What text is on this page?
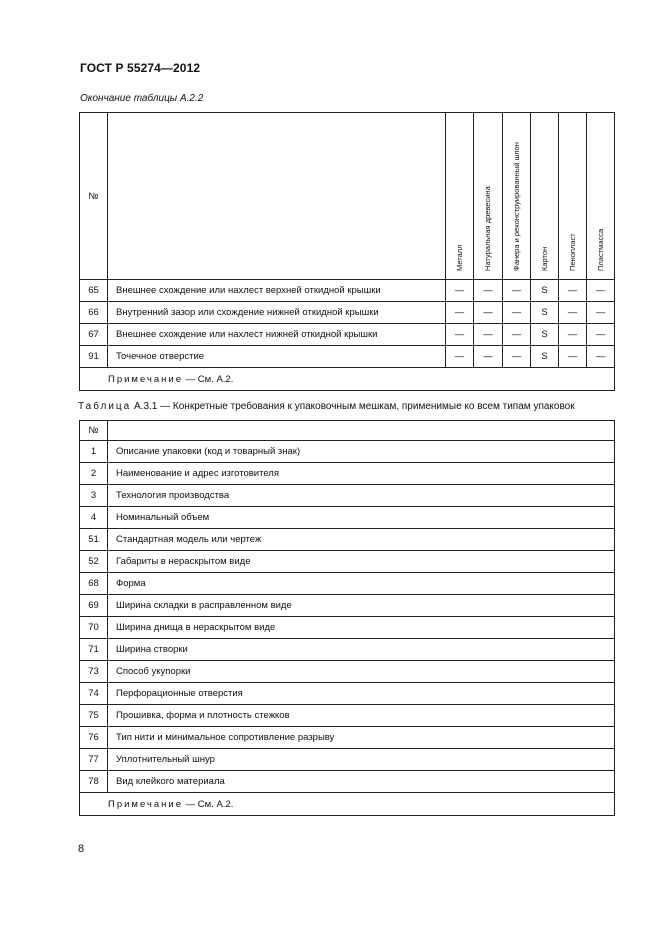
ГОСТ Р 55274—2012
Окончание таблицы А.2.2
№		Металл	Натуральная древесина	Фанера и реконструированный шпон	Картон	Пенопласт	Пластмасса

65	Внешнее схождение или нахлест верхней откидной крышки	—	—	—	S	—	—
66	Внутренний зазор или схождение нижней откидной крышки	—	—	—	S	—	—
67	Внешнее схождение или нахлест нижней откидной крышки	—	—	—	S	—	—
91	Точечное отверстие	—	—	—	S	—	—
Примечание — См. А.2.							
Таблица А.3.1 — Конкретные требования к упаковочным мешкам, применимые ко всем типам упаковок
№	
1	Описание упаковки (код и товарный знак)
2	Наименование и адрес изготовителя
3	Технология производства
4	Номинальный объем
51	Стандартная модель или чертеж
52	Габариты в нераскрытом виде
68	Форма
69	Ширина складки в расправленном виде
70	Ширина днища в нераскрытом виде
71	Ширина створки
73	Способ укупорки
74	Перфорационные отверстия
75	Прошивка, форма и плотность стежков
76	Тип нити и минимальное сопротивление разрыву
77	Уплотнительный шнур
78	Вид клейкого материала
Примечание — См. А.2.	
8
